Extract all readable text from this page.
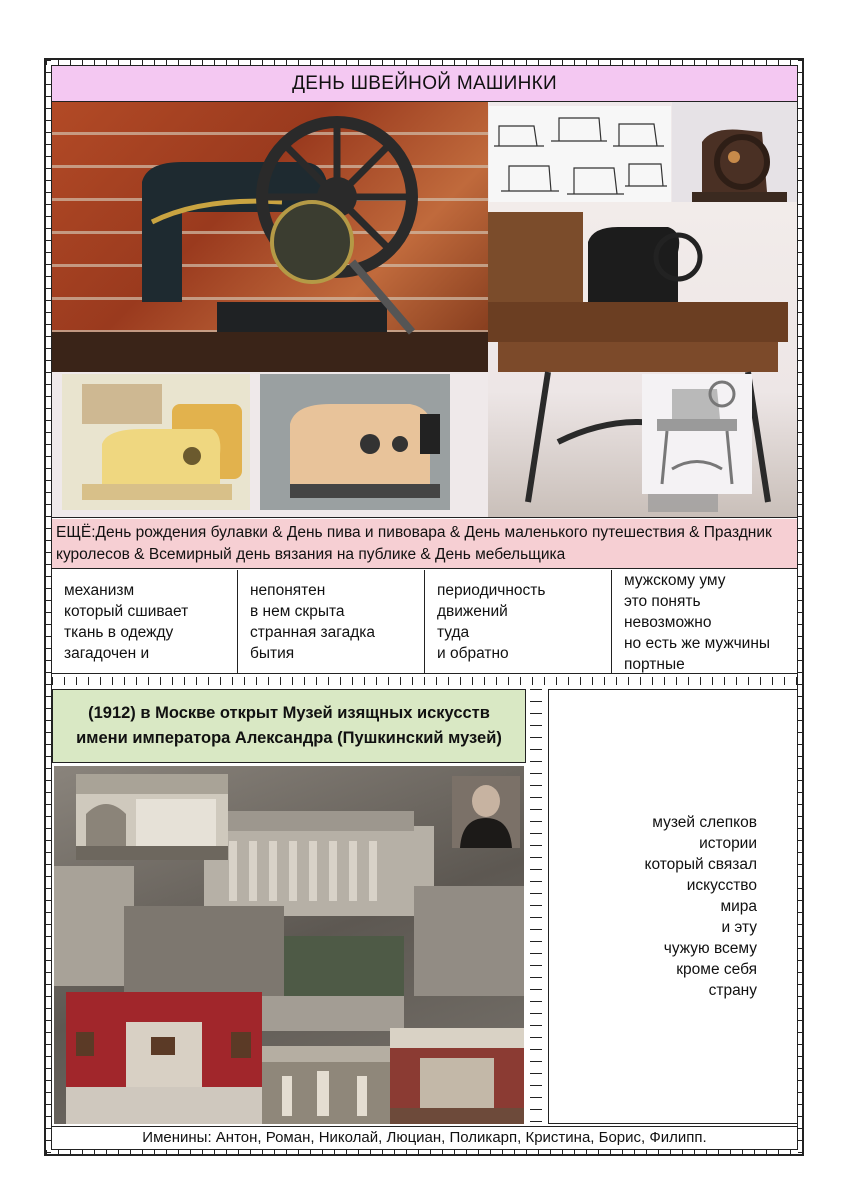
ДЕНЬ ШВЕЙНОЙ МАШИНКИ
ЕЩЁ:День рождения булавки & День пива и пивовара & День маленького путешествия & Праздник куролесов & Всемирный день вязания на публике & День мебельщика
механизм
который сшивает
ткань в одежду
загадочен и
непонятен
в нем скрыта
странная загадка
бытия
периодичность
движений
туда
и обратно
мужскому уму
это понять
невозможно
но есть же мужчины
портные
(1912) в Москве открыт Музей изящных искусств
имени императора Александра (Пушкинский музей)
музей слепков
истории
который связал
искусство
мира
и эту
чужую всему
кроме себя
страну
Именины: Антон, Роман, Николай, Люциан, Поликарп, Кристина, Борис, Филипп.
